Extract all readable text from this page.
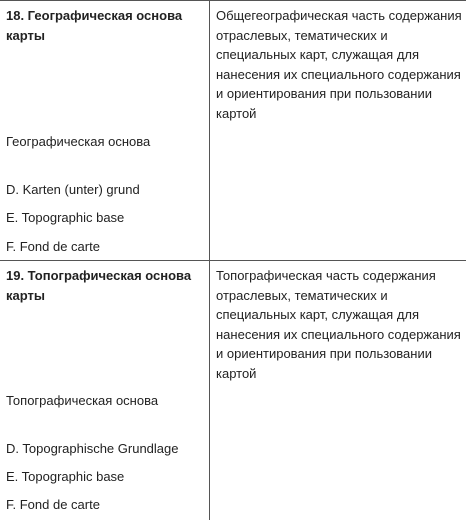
18. Географическая основа карты
Общегеографическая часть содержания отраслевых, тематических и специальных карт, служащая для нанесения их специального содержания и ориентирования при пользовании картой
Географическая основа
D. Karten (unter) grund
E. Topographic base
F. Fond de carte
19. Топографическая основа карты
Топографическая часть содержания отраслевых, тематических и специальных карт, служащая для нанесения их специального содержания и ориентирования при пользовании картой
Топографическая основа
D. Topographische Grundlage
E. Topographic base
F. Fond de carte
